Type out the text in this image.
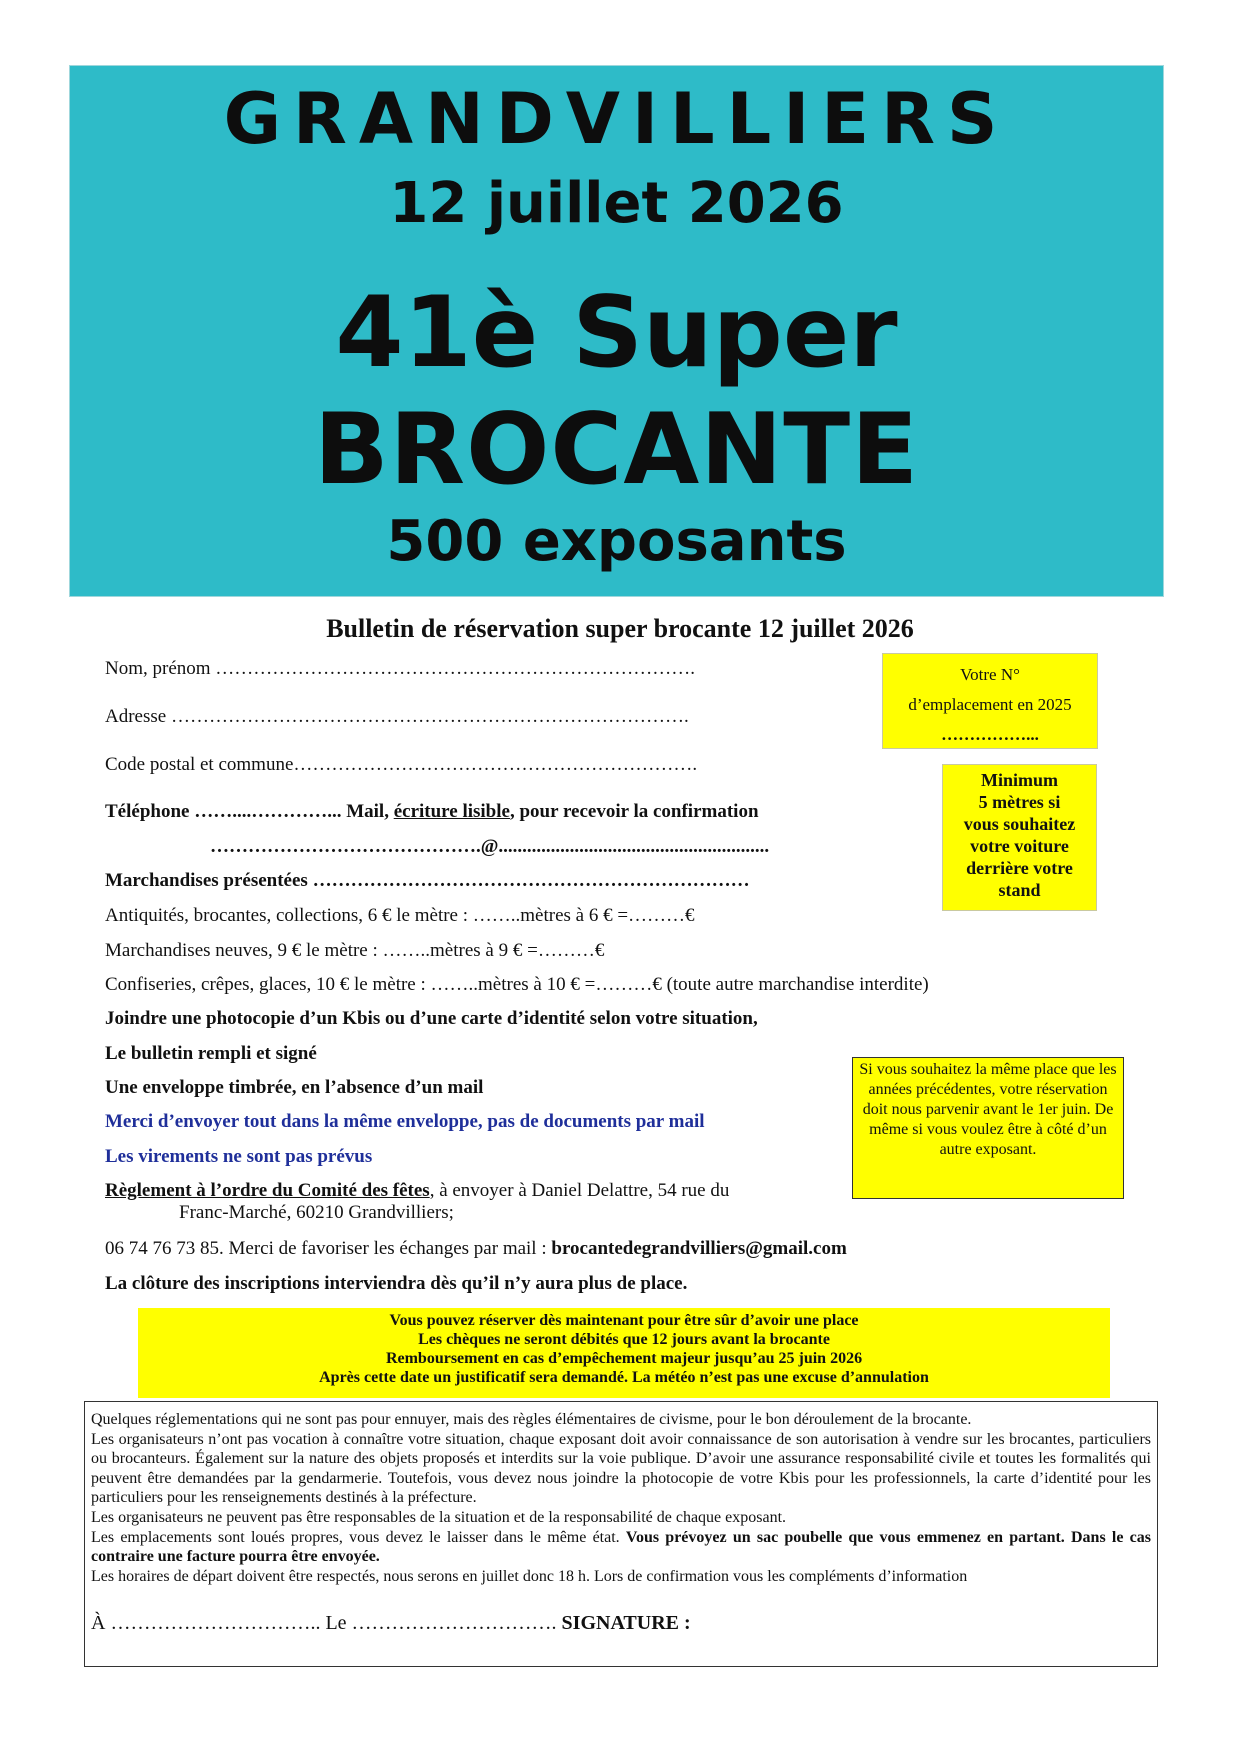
GRANDVILLIERS
12 juillet 2026
41è Super
BROCANTE
500 exposants
Bulletin de réservation super brocante 12 juillet 2026
Nom, prénom ………………………………………………………………….
Adresse ……………………………………………………………………….
Code postal et commune……………………………………………………….
Téléphone ……....…………... Mail, écriture lisible, pour recevoir la confirmation
…………………………………….@.........................................................
Marchandises présentées ……………………………………………………………
Antiquités, brocantes, collections, 6 € le mètre : ……..mètres à 6 € =………€
Marchandises neuves, 9 € le mètre : ……..mètres à 9 € =………€
Confiseries, crêpes, glaces, 10 € le mètre : ……..mètres à 10 € =………€ (toute autre marchandise interdite)
Joindre une photocopie d’un Kbis ou d’une carte d’identité selon votre situation,
Le bulletin rempli et signé
Une enveloppe timbrée, en l’absence d’un mail
Merci d’envoyer tout dans la même enveloppe, pas de documents par mail
Les virements ne sont pas prévus
Règlement à l’ordre du Comité des fêtes, à envoyer à Daniel Delattre, 54 rue du
Franc-Marché, 60210 Grandvilliers;
06 74 76 73 85. Merci de favoriser les échanges par mail : brocantedegrandvilliers@gmail.com
La clôture des inscriptions interviendra dès qu’il n’y aura plus de place.
Votre N°
d’emplacement en 2025
……………...
Minimum
5 mètres si
vous souhaitez
votre voiture
derrière votre
stand
Si vous souhaitez la même place que les années précédentes, votre réservation doit nous parvenir avant le 1er juin. De même si vous voulez être à côté d’un autre exposant.
Vous pouvez réserver dès maintenant pour être sûr d’avoir une place
Les chèques ne seront débités que 12 jours avant la brocante
Remboursement en cas d’empêchement majeur jusqu’au 25 juin 2026
Après cette date un justificatif sera demandé. La météo n’est pas une excuse d’annulation

Quelques réglementations qui ne sont pas pour ennuyer, mais des règles élémentaires de civisme, pour le bon déroulement de la brocante.

Les organisateurs n’ont pas vocation à connaître votre situation, chaque exposant doit avoir connaissance de son autorisation à vendre sur les brocantes, particuliers ou brocanteurs. Également sur la nature des objets proposés et interdits sur la voie publique. D’avoir une assurance responsabilité civile et toutes les formalités qui peuvent être demandées par la gendarmerie. Toutefois, vous devez nous joindre la photocopie de votre Kbis pour les professionnels, la carte d’identité pour les particuliers pour les renseignements destinés à la préfecture.

Les organisateurs ne peuvent pas être responsables de la situation et de la responsabilité de chaque exposant.

Les emplacements sont loués propres, vous devez le laisser dans le même état. Vous prévoyez un sac poubelle que vous emmenez en partant. Dans le cas contraire une facture pourra être envoyée.

Les horaires de départ doivent être respectés, nous serons en juillet donc 18 h. Lors de confirmation vous les compléments d’information

À ………………………….. Le …………………………. SIGNATURE :
